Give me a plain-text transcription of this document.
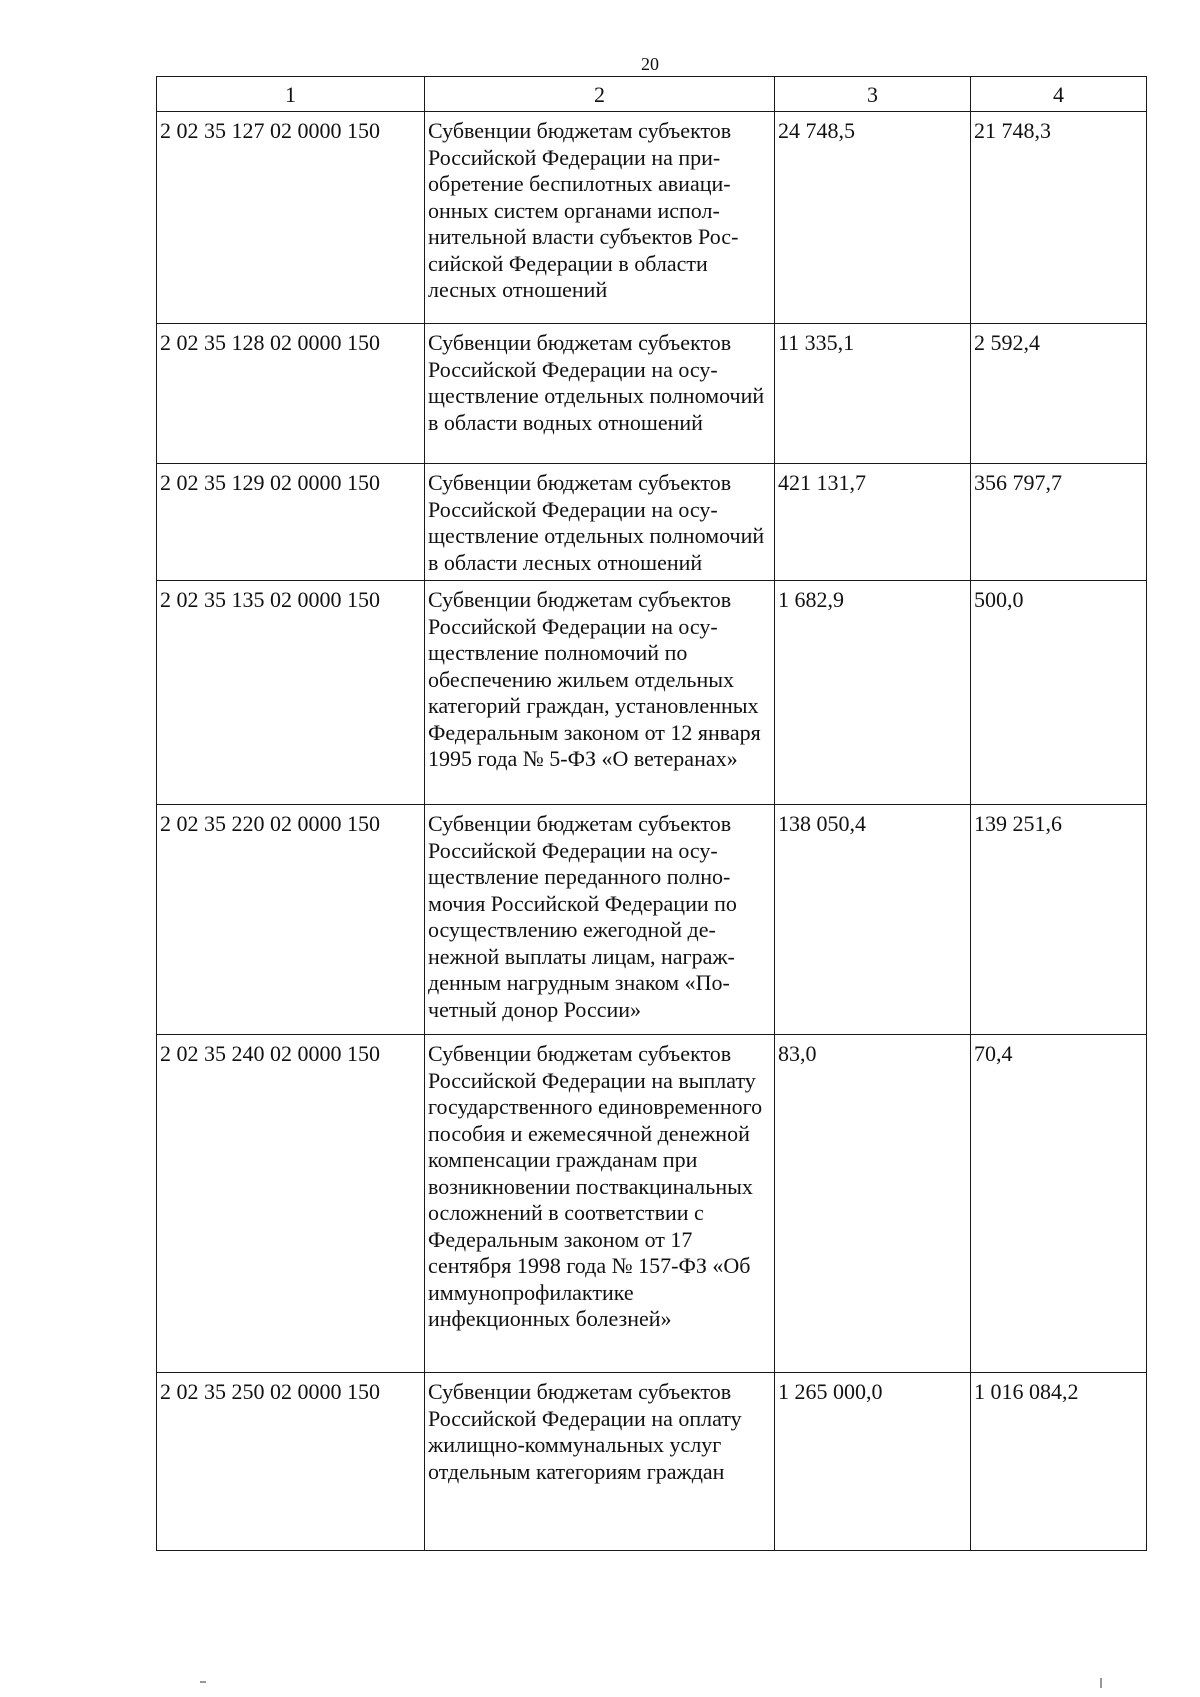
20
1	2	3	4
2 02 35 127 02 0000 150	Субвенции бюджетам субъектов Российской Федерации на приобретение беспилотных авиационных систем органами исполнительной власти субъектов Российской Федерации в области лесных отношений	24 748,5	21 748,3
2 02 35 128 02 0000 150	Субвенции бюджетам субъектов Российской Федерации на осуществление отдельных полномочий в области водных отношений	11 335,1	2 592,4
2 02 35 129 02 0000 150	Субвенции бюджетам субъектов Российской Федерации на осуществление отдельных полномочий в области лесных отношений	421 131,7	356 797,7
2 02 35 135 02 0000 150	Субвенции бюджетам субъектов Российской Федерации на осуществление полномочий по обеспечению жильем отдельных категорий граждан, установленных Федеральным законом от 12 января 1995 года № 5-ФЗ «О ветеранах»	1 682,9	500,0
2 02 35 220 02 0000 150	Субвенции бюджетам субъектов Российской Федерации на осуществление переданного полномочия Российской Федерации по осуществлению ежегодной денежной выплаты лицам, награжденным нагрудным знаком «Почетный донор России»	138 050,4	139 251,6
2 02 35 240 02 0000 150	Субвенции бюджетам субъектов Российской Федерации на выплату государственного единовременного пособия и ежемесячной денежной компенсации гражданам при возникновении поствакцинальных осложнений в соответствии с Федеральным законом от 17 сентября 1998 года № 157-ФЗ «Об иммунопрофилактике инфекционных болезней»	83,0	70,4
2 02 35 250 02 0000 150	Субвенции бюджетам субъектов Российской Федерации на оплату жилищно-коммунальных услуг отдельным категориям граждан	1 265 000,0	1 016 084,2
